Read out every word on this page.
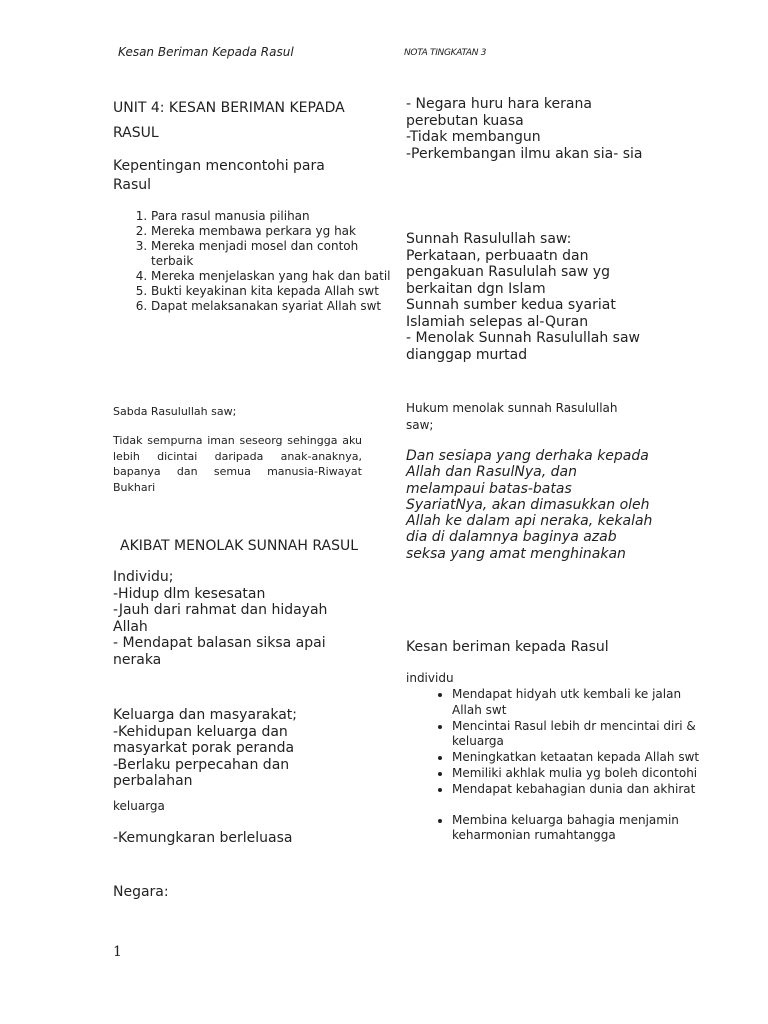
Kesan Beriman Kepada Rasul	NOTA TINGKATAN 3
UNIT 4: KESAN BERIMAN KEPADA
RASUL
Kepentingan mencontohi para
Rasul
1. Para rasul manusia pilihan
2. Mereka membawa perkara yg hak
3. Mereka menjadi mosel dan contoh terbaik
4. Mereka menjelaskan yang hak dan batil
5. Bukti keyakinan kita kepada Allah swt
6. Dapat melaksanakan syariat Allah swt
Sabda Rasulullah saw;
Tidak sempurna iman seseorg sehingga aku lebih dicintai daripada anak-anaknya, bapanya dan semua manusia-Riwayat Bukhari
AKIBAT MENOLAK SUNNAH RASUL
Individu;
-Hidup dlm kesesatan
-Jauh dari rahmat dan hidayah
Allah
- Mendapat balasan siksa apai
neraka
Keluarga dan masyarakat;
-Kehidupan keluarga dan
masyarkat porak peranda
-Berlaku perpecahan dan
perbalahan
keluarga
-Kemungkaran berleluasa
Negara:
1
- Negara huru hara kerana
perebutan kuasa
-Tidak membangun
-Perkembangan ilmu akan sia- sia
Sunnah Rasulullah saw:
Perkataan, perbuaatn dan
pengakuan Rasululah saw yg
berkaitan dgn Islam
Sunnah sumber kedua syariat
Islamiah selepas al-Quran
- Menolak Sunnah Rasulullah saw
dianggap murtad
Hukum menolak sunnah Rasulullah
saw;
Dan sesiapa yang derhaka kepada
Allah dan RasulNya, dan
melampaui batas-batas
SyariatNya, akan dimasukkan oleh
Allah ke dalam api neraka, kekalah
dia di dalamnya baginya azab
seksa yang amat menghinakan
Kesan beriman kepada Rasul
individu
• Mendapat hidyah utk kembali ke jalan Allah swt
• Mencintai Rasul lebih dr mencintai diri & keluarga
• Meningkatkan ketaatan kepada Allah swt
• Memiliki akhlak mulia yg boleh dicontohi
• Mendapat kebahagian dunia dan akhirat
• Membina keluarga bahagia menjamin keharmonian rumahtangga
